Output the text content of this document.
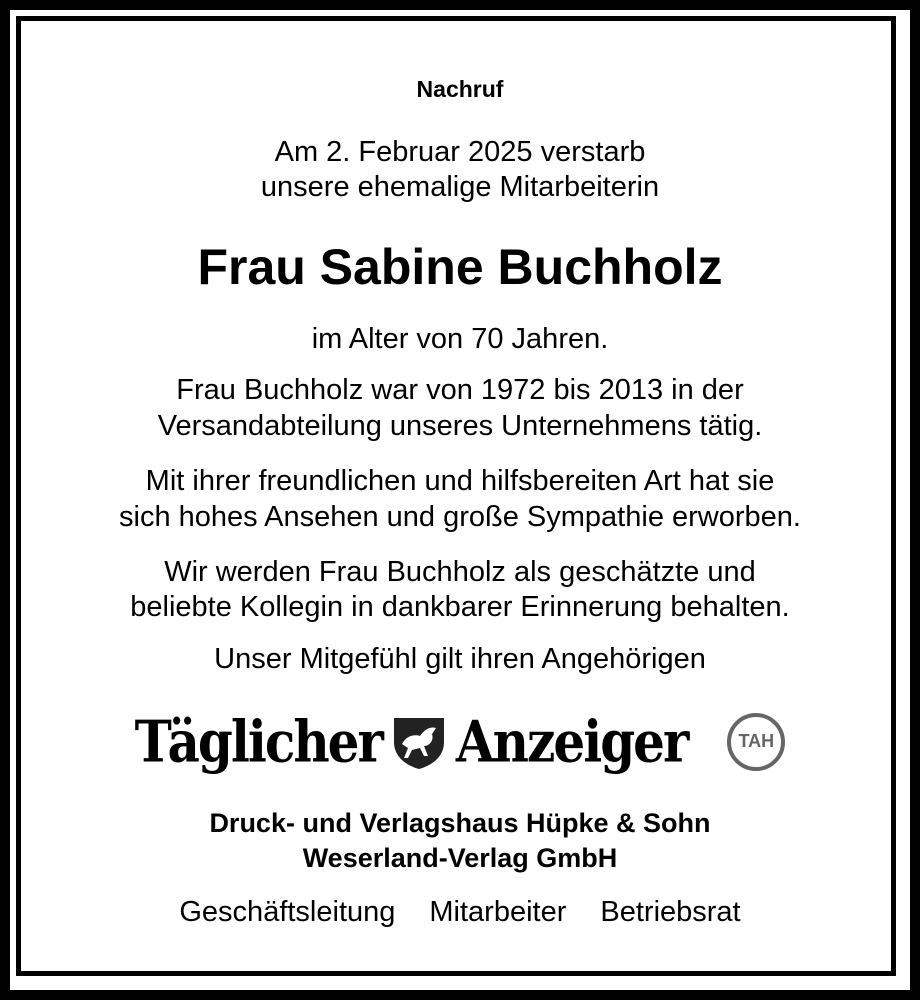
Nachruf
Am 2. Februar 2025 verstarb
unsere ehemalige Mitarbeiterin
Frau Sabine Buchholz
im Alter von 70 Jahren.
Frau Buchholz war von 1972 bis 2013 in der
Versandabteilung unseres Unternehmens tätig.
Mit ihrer freundlichen und hilfsbereiten Art hat sie
sich hohes Ansehen und große Sympathie erworben.
Wir werden Frau Buchholz als geschätzte und
beliebte Kollegin in dankbarer Erinnerung behalten.
Unser Mitgefühl gilt ihren Angehörigen
Täglicher Anzeiger	TAH
Druck- und Verlagshaus Hüpke & Sohn
Weserland-Verlag GmbH
Geschäftsleitung Mitarbeiter Betriebsrat
